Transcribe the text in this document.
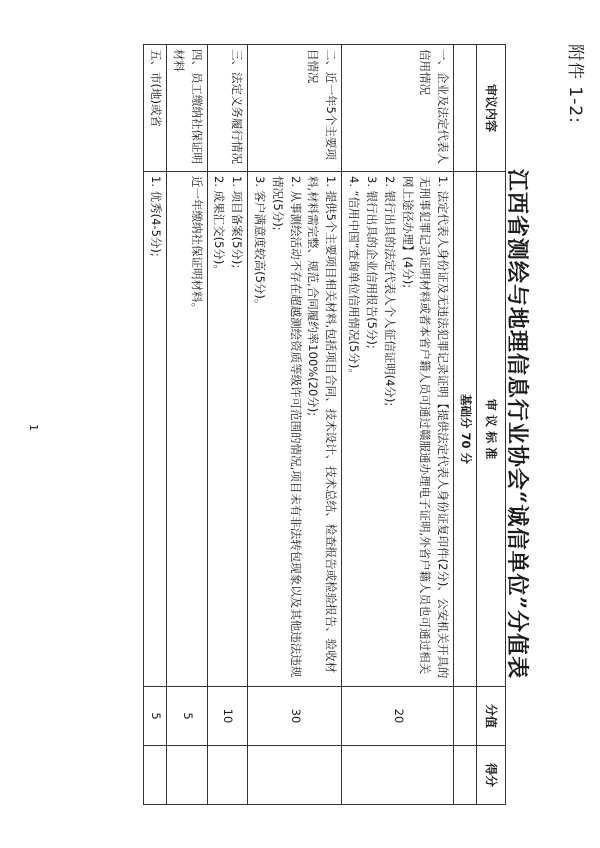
附件 1-2:
江西省测绘与地理信息行业协会“诚信单位”分值表
审议内容	审 议 标 准	分值	得分
	基础分 70 分		
一、企业及法定代表人信用情况	1. 法定代表人身份证及无违法犯罪记录证明【提供法定代表人身份证复印件(2分)、公安机关开具的无刑事犯罪记录证明材料或者本省户籍人员可通过赣服通办理电子证明,外省户籍人员也可通过相关网上途径办理】(4分);
2. 银行出具的法定代表人个人征信证明(4分);
3. 银行出具的企业信用报告(5分);
4. “信用中国”查询单位信用情况(5分)。	20	
二、近一年5个主要项目情况	1. 提供5个主要项目相关材料,包括项目合同、技术设计、技术总结、检查报告或检验报告、验收材料,材料需完整、规范,合同履约率100%(20分);
2. 从事测绘活动不存在超越测绘资质等级许可范围的情况,项目未有非法转包现象以及其他违法违规情况(5分);
3. 客户满意度较高(5分)。	30	
三、法定义务履行情况	1. 项目备案(5分);
2. 成果汇交(5分)。	10	
四、员工缴纳社保证明材料	近一年缴纳社保证明材料。	5	
五、市(地)或省	1. 优秀(4-5分);	5	
1
